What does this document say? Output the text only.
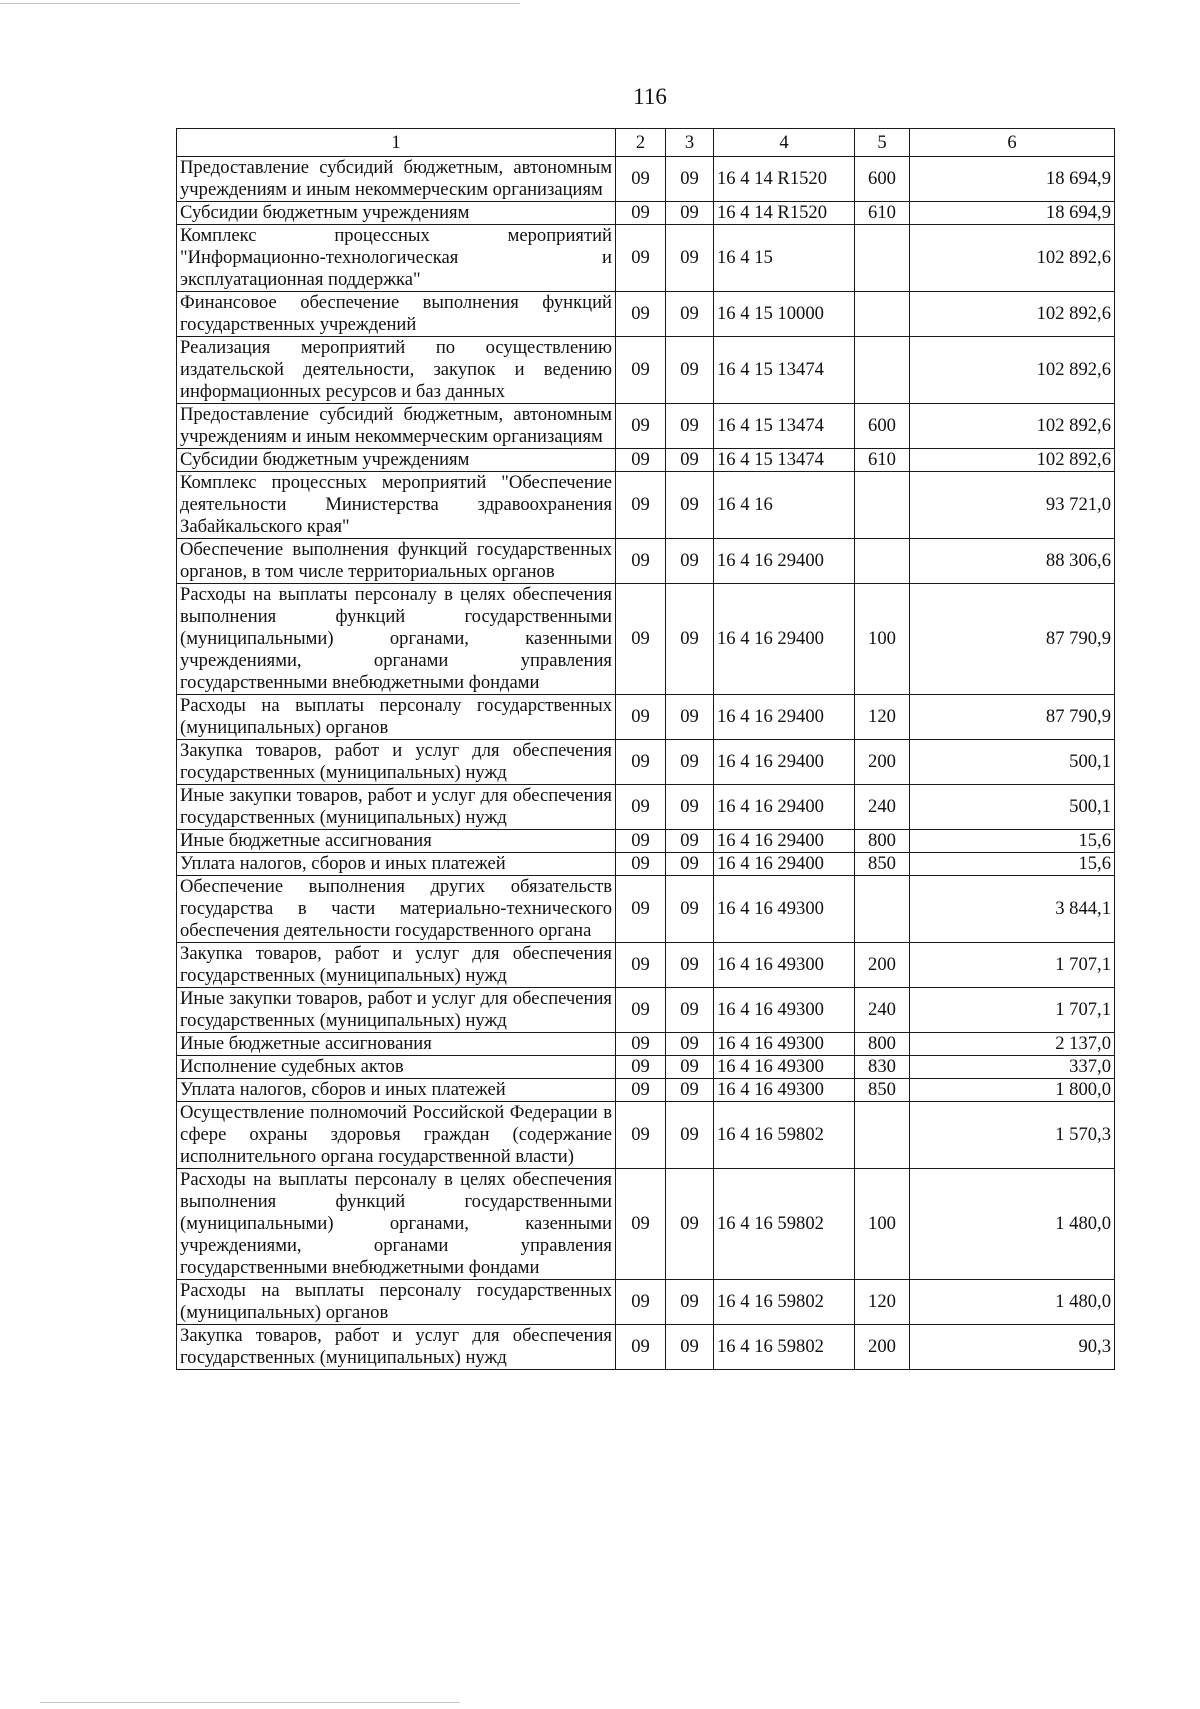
116
1	2	3	4	5	6
Предоставление субсидий бюджетным, автономным учреждениям и иным некоммерческим организациям	09	09	16 4 14 R1520	600	18 694,9
Субсидии бюджетным учреждениям	09	09	16 4 14 R1520	610	18 694,9
Комплекс процессных мероприятий "Информационно-технологическая и эксплуатационная поддержка"	09	09	16 4 15		102 892,6
Финансовое обеспечение выполнения функций государственных учреждений	09	09	16 4 15 10000		102 892,6
Реализация мероприятий по осуществлению издательской деятельности, закупок и ведению информационных ресурсов и баз данных	09	09	16 4 15 13474		102 892,6
Предоставление субсидий бюджетным, автономным учреждениям и иным некоммерческим организациям	09	09	16 4 15 13474	600	102 892,6
Субсидии бюджетным учреждениям	09	09	16 4 15 13474	610	102 892,6
Комплекс процессных мероприятий "Обеспечение деятельности Министерства здравоохранения Забайкальского края"	09	09	16 4 16		93 721,0
Обеспечение выполнения функций государственных органов, в том числе территориальных органов	09	09	16 4 16 29400		88 306,6
Расходы на выплаты персоналу в целях обеспечения выполнения функций государственными (муниципальными) органами, казенными учреждениями, органами управления государственными внебюджетными фондами	09	09	16 4 16 29400	100	87 790,9
Расходы на выплаты персоналу государственных (муниципальных) органов	09	09	16 4 16 29400	120	87 790,9
Закупка товаров, работ и услуг для обеспечения государственных (муниципальных) нужд	09	09	16 4 16 29400	200	500,1
Иные закупки товаров, работ и услуг для обеспечения государственных (муниципальных) нужд	09	09	16 4 16 29400	240	500,1
Иные бюджетные ассигнования	09	09	16 4 16 29400	800	15,6
Уплата налогов, сборов и иных платежей	09	09	16 4 16 29400	850	15,6
Обеспечение выполнения других обязательств государства в части материально-технического обеспечения деятельности государственного органа	09	09	16 4 16 49300		3 844,1
Закупка товаров, работ и услуг для обеспечения государственных (муниципальных) нужд	09	09	16 4 16 49300	200	1 707,1
Иные закупки товаров, работ и услуг для обеспечения государственных (муниципальных) нужд	09	09	16 4 16 49300	240	1 707,1
Иные бюджетные ассигнования	09	09	16 4 16 49300	800	2 137,0
Исполнение судебных актов	09	09	16 4 16 49300	830	337,0
Уплата налогов, сборов и иных платежей	09	09	16 4 16 49300	850	1 800,0
Осуществление полномочий Российской Федерации в сфере охраны здоровья граждан (содержание исполнительного органа государственной власти)	09	09	16 4 16 59802		1 570,3
Расходы на выплаты персоналу в целях обеспечения выполнения функций государственными (муниципальными) органами, казенными учреждениями, органами управления государственными внебюджетными фондами	09	09	16 4 16 59802	100	1 480,0
Расходы на выплаты персоналу государственных (муниципальных) органов	09	09	16 4 16 59802	120	1 480,0
Закупка товаров, работ и услуг для обеспечения государственных (муниципальных) нужд	09	09	16 4 16 59802	200	90,3
